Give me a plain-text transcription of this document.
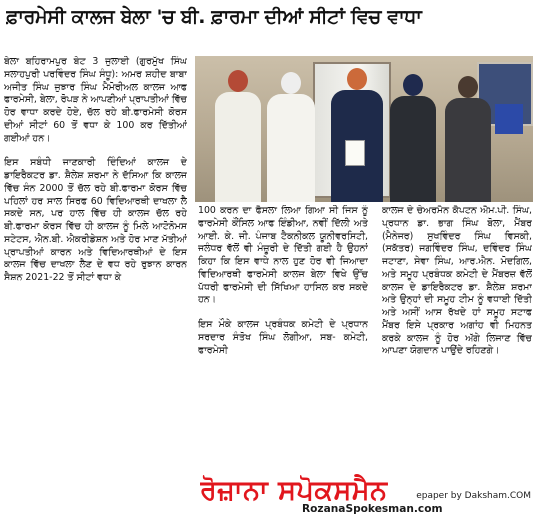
ਫ਼ਾਰਮੇਸੀ ਕਾਲਜ ਬੇਲਾ 'ਚ ਬੀ. ਫ਼ਾਰਮਾ ਦੀਆਂ ਸੀਟਾਂ ਵਿਚ ਵਾਧਾ

ਬੇਲਾ ਬਹਿਰਾਮਪੁਰ ਬੇਟ 3 ਜੁਲਾਈ (ਗੁਰਮੁੱਖ ਸਿੰਘ ਸਲਾਹਪੁਰੀ ਪਰਵਿੰਦਰ ਸਿੰਘ ਸੰਧੂ): ਅਮਰ ਸ਼ਹੀਦ ਬਾਬਾ ਅਜੀਤ ਸਿੰਘ ਜੁਝਾਰ ਸਿੰਘ ਮੈਮੋਰੀਅਲ ਕਾਲਜ ਆਫ ਫਾਰਮੇਸੀ, ਬੇਲਾ, ਰੋਪੜ ਨੇ ਆਪਣੀਆਂ ਪ੍ਰਾਪਤੀਆਂ ਵਿੱਚ ਹੋਰ ਵਾਧਾ ਕਰਦੇ ਹੋਏ, ਚੱਲ ਰਹੇ ਬੀ.ਫਾਰਮੇਸੀ ਕੋਰਸ ਦੀਆਂ ਸੀਟਾਂ 60 ਤੋਂ ਵਧਾ ਕੇ 100 ਕਰ ਦਿੱਤੀਆਂ ਗਈਆਂ ਹਨ।

ਇਸ ਸਬੰਧੀ ਜਾਣਕਾਰੀ ਦਿੰਦਿਆਂ ਕਾਲਜ ਦੇ ਡਾਇਰੈਕਟਰ ਡਾ. ਸ਼ੈਲੇਸ਼ ਸ਼ਰਮਾ ਨੇ ਦੱਸਿਆ ਕਿ ਕਾਲਜ ਵਿੱਚ ਸੰਨ 2000 ਤੋਂ ਚੱਲ ਰਹੇ ਬੀ.ਫਾਰਮਾ ਕੋਰਸ ਵਿੱਚ ਪਹਿਲਾਂ ਹਰ ਸਾਲ ਸਿਰਫ 60 ਵਿਦਿਆਰਥੀ ਦਾਖਲਾ ਲੈ ਸਕਦੇ ਸਨ, ਪਰ ਹਾਲ ਵਿੱਚ ਹੀ ਕਾਲਜ ਚੱਲ ਰਹੇ ਬੀ.ਫਾਰਮਾ ਕੋਰਸ ਵਿੱਚ ਹੀ ਕਾਲਜ ਨੂੰ ਮਿਲੇ ਆਟੋਨੋਮਸ ਸਟੇਟਸ, ਐਨ.ਬੀ. ਐਕਰੀਡੇਸ਼ਨ ਅਤੇ ਹੋਰ ਮਾਣ ਮੱਤੀਆਂ ਪ੍ਰਾਪਤੀਆਂ ਕਾਰਨ ਅਤੇ ਵਿਦਿਆਰਥੀਆਂ ਦੇ ਇਸ ਕਾਲਜ ਵਿੱਚ ਦਾਖਲਾ ਲੈਣ ਦੇ ਵਧ ਰਹੇ ਰੁਝਾਨ ਕਾਰਨ ਸੈਸ਼ਨ 2021-22 ਤੋਂ ਸੀਟਾਂ ਵਧਾ ਕੇ

100 ਕਰਨ ਦਾ ਫੈਸਲਾ ਲਿਆ ਗਿਆ ਸੀ ਜਿਸ ਨੂੰ ਫਾਰਮੇਸੀ ਕੌਂਸਿਲ ਆਫ ਇੰਡੀਆ, ਨਵੀਂ ਦਿੱਲੀ ਅਤੇ ਆਈ. ਕੇ. ਜੀ. ਪੰਜਾਬ ਟੈਕਨੀਕਲ ਯੂਨੀਵਰਸਿਟੀ, ਜਲੰਧਰ ਵੱਲੋਂ ਵੀ ਮੰਜ਼ੂਰੀ ਦੇ ਦਿੱਤੀ ਗਈ ਹੈ ਉਹਨਾਂ ਕਿਹਾ ਕਿ ਇਸ ਵਾਧੇ ਨਾਲ ਹੁਣ ਹੋਰ ਵੀ ਜਿਆਦਾ ਵਿਦਿਆਰਥੀ ਫਾਰਮੇਸੀ ਕਾਲਜ ਬੇਲਾ ਵਿਖੇ ਉੱਚ ਪੱਧਰੀ ਫਾਰਮੇਸੀ ਦੀ ਸਿੱਖਿਆ ਹਾਸਿਲ ਕਰ ਸਕਦੇ ਹਨ।

ਇਸ ਮੌਕੇ ਕਾਲਜ ਪ੍ਰਬੰਧਕ ਕਮੇਟੀ ਦੇ ਪ੍ਰਧਾਨ ਸਰਦਾਰ ਸੰਤੋਖ ਸਿੰਘ ਲੋਗੀਆ, ਸਬ- ਕਮੇਟੀ, ਫਾਰਮੇਸੀ

ਕਾਲਜ ਦੇ ਚੇਅਰਮੈਨ ਕੈਪਟਨ ਐਮ.ਪੀ. ਸਿੰਘ, ਪ੍ਰਧਾਨ ਡਾ. ਭਾਗ ਸਿੰਘ ਬੋਲਾ, ਮੈਂਬਰ (ਮੈਨੇਜਰ) ਸੁਖਵਿੰਦਰ ਸਿੰਘ ਵਿਸਕੀ, (ਸਕੱਤਰ) ਜਗਵਿੰਦਰ ਸਿੰਘ, ਦਵਿੰਦਰ ਸਿੰਘ ਜਟਾਣਾ, ਸੇਵਾ ਸਿੰਘ, ਆਰ.ਐਨ. ਮੋਦਗਿਲ, ਅਤੇ ਸਮੂਹ ਪ੍ਰਬੰਧਕ ਕਮੇਟੀ ਦੇ ਮੈਂਬਰਜ਼ ਵੱਲੋਂ ਕਾਲਜ ਦੇ ਡਾਇਰੈਕਟਰ ਡਾ. ਸ਼ੈਲੇਸ਼ ਸ਼ਰਮਾ ਅਤੇ ਉਨ੍ਹਾਂ ਦੀ ਸਮੂਹ ਟੀਮ ਨੂੰ ਵਧਾਈ ਦਿੱਤੀ ਅਤੇ ਅਸੀਂ ਆਸ ਰੱਖਦੇ ਹਾਂ ਸਮੂਹ ਸਟਾਫ ਮੈਂਬਰ ਇਸੇ ਪ੍ਰਕਾਰ ਅਗਾਂਹ ਵੀ ਮਿਹਨਤ ਕਰਕੇ ਕਾਲਜ ਨੂੰ ਹੋਰ ਅੱਗੇ ਲਿਜਾਣ ਵਿੱਚ ਆਪਣਾ ਯੋਗਦਾਨ ਪਾਉਂਦੇ ਰਹਿਣਗੇ।

ਰੋਜ਼ਾਨਾ ਸਪੋਕਸਮੈਨ
RozanaSpokesman.com
epaper by Daksham.COM
